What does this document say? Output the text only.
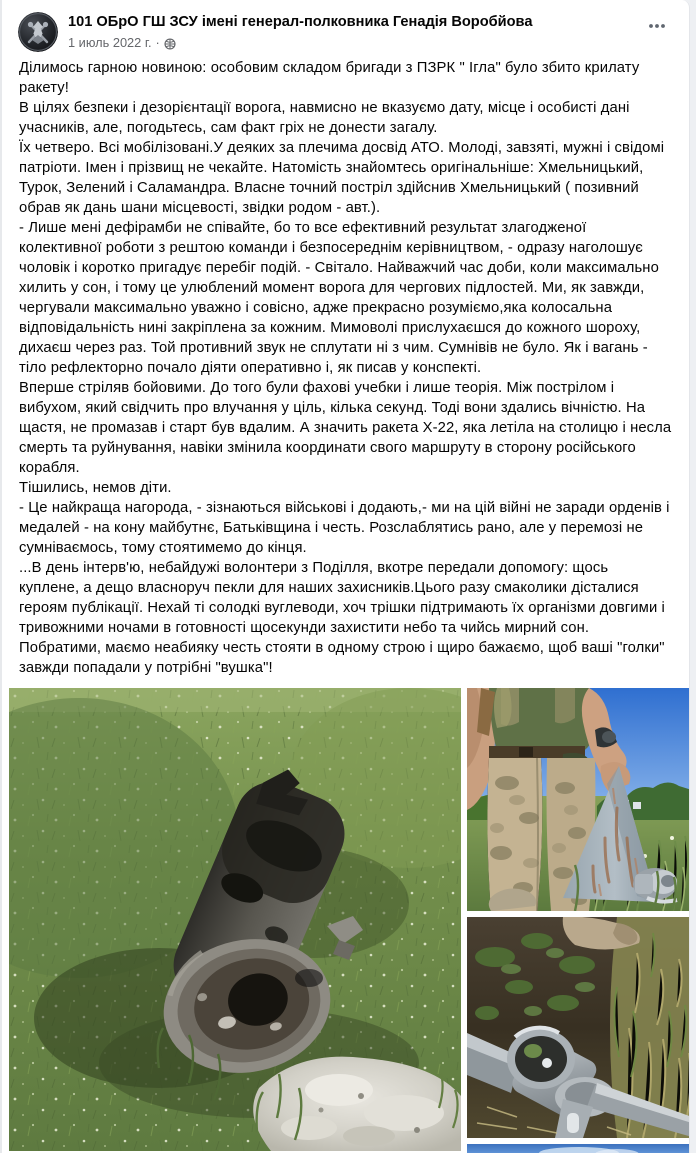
101 ОБрО ГШ ЗСУ імені генерал-полковника Генадія Воробйова
1 июль 2022 г. ·

Ділимось гарною новиною: особовим складом бригади з ПЗРК " Ігла" було збито крилату ракету!

В цілях безпеки і дезорієнтації ворога, навмисно не вказуємо дату, місце і особисті дані учасників, але, погодьтесь, сам факт гріх не донести загалу.

Їх четверо. Всі мобілізовані.У деяких за плечима досвід АТО. Молоді, завзяті, мужні і свідомі патріоти. Імен і прізвищ не чекайте. Натомість знайомтесь оригінальніше: Хмельницький, Турок, Зелений і Саламандра. Власне точний постріл здійснив Хмельницький ( позивний обрав як дань шани місцевості, звідки родом - авт.).

- Лише мені дефірамби не співайте, бо то все ефективний результат злагодженої колективної роботи з рештою команди і безпосереднім керівництвом, - одразу наголошує чоловік і коротко пригадує перебіг подій. - Світало. Найважчий час доби, коли максимально хилить у сон, і тому це улюблений момент ворога для чергових підлостей. Ми, як завжди, чергували максимально уважно і совісно, адже прекрасно розуміємо,яка колосальна відповідальність нині закріплена за кожним. Мимоволі прислухаєшся до кожного шороху, дихаєш через раз. Той противний звук не сплутати ні з чим. Сумнівів не було. Як і вагань - тіло рефлекторно почало діяти оперативно і, як писав у конспекті.

Вперше стріляв бойовими. До того були фахові учебки і лише теорія. Між пострілом і вибухом, який свідчить про влучання у ціль, кілька секунд. Тоді вони здались вічністю. На щастя, не промазав і старт був вдалим. А значить ракета Х-22, яка летіла на столицю і несла смерть та руйнування, навіки змінила координати свого маршруту в сторону російського корабля.

Тішились, немов діти.

- Це найкраща нагорода, - зізнаються військові і додають,- ми на цій війні не заради орденів і медалей - на кону майбутнє, Батьківщина і честь. Розслаблятись рано, але у перемозі не сумніваємось, тому стоятимемо до кінця.

...В день інтерв'ю, небайдужі волонтери з Поділля, вкотре передали допомогу: щось куплене, а дещо власноруч пекли для наших захисників.Цього разу смаколики дісталися героям публікації. Нехай ті солодкі вуглеводи, хоч трішки підтримають їх організми довгими і тривожними ночами в готовності щосекунди захистити небо та чийсь мирний сон.

Побратими, маємо неабияку честь стояти в одному строю і щиро бажаємо, щоб ваші "голки" завжди попадали у потрібні "вушка"!
